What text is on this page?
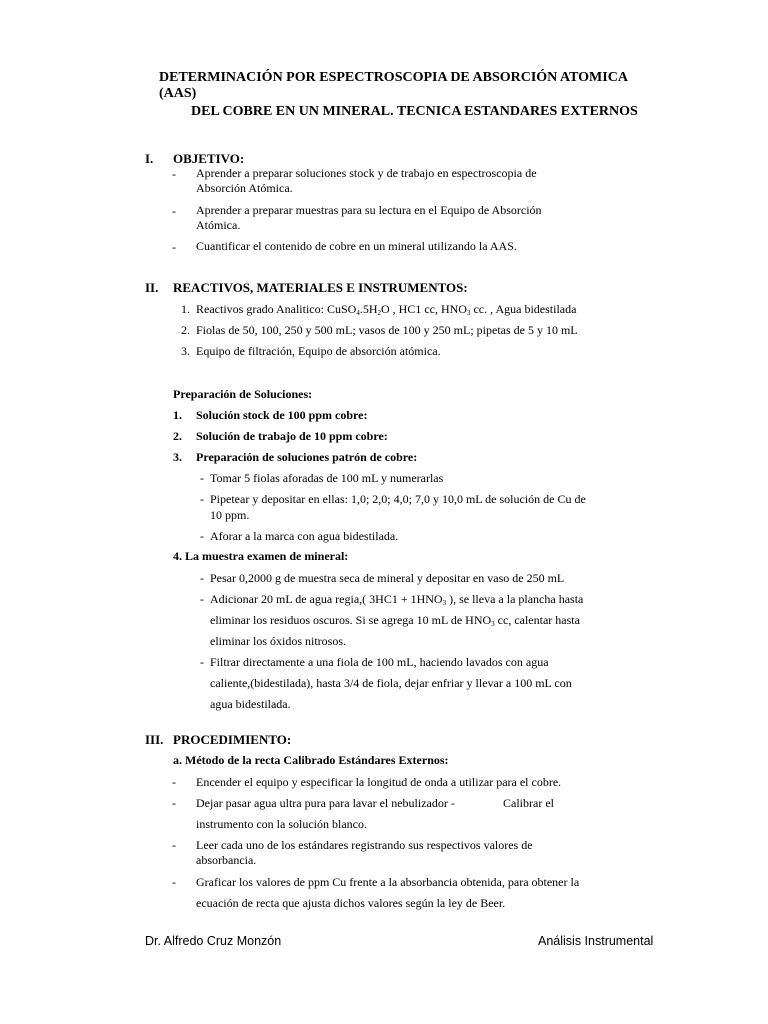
DETERMINACIÓN POR ESPECTROSCOPIA DE ABSORCIÓN ATOMICA
(AAS)
DEL COBRE EN UN MINERAL. TECNICA ESTANDARES EXTERNOS
I. OBJETIVO:
- Aprender a preparar soluciones stock y de trabajo en espectroscopia de
Absorción Atómica.
- Aprender a preparar muestras para su lectura en el Equipo de Absorción
Atómica.
- Cuantificar el contenido de cobre en un mineral utilizando la AAS.
II. REACTIVOS, MATERIALES E INSTRUMENTOS:
1. Reactivos grado Analitico: $CuSO_4.5H_2O$ , HC1 cc, $HNO_3$ cc. , Agua bidestilada
2. Fiolas de 50, 100, 250 y 500 mL; vasos de 100 y 250 mL; pipetas de 5 y 10 mL
3. Equipo de filtración, Equipo de absorción atómica.
Preparación de Soluciones:
1. Solución stock de 100 ppm cobre:
2. Solución de trabajo de 10 ppm cobre:
3. Preparación de soluciones patrón de cobre:
- Tomar 5 fiolas aforadas de 100 mL y numerarlas
- Pipetear y depositar en ellas: 1,0; 2,0; 4,0; 7,0 y 10,0 mL de solución de Cu de
10 ppm.
- Aforar a la marca con agua bidestilada.
4. La muestra examen de mineral:
- Pesar 0,2000 g de muestra seca de mineral y depositar en vaso de 250 mL
- Adicionar 20 mL de agua regia,( $3HC1 + 1HNO_3$ ), se lleva a la plancha hasta
eliminar los residuos oscuros. Si se agrega 10 mL de $HNO_3$ cc, calentar hasta
eliminar los óxidos nitrosos.
- Filtrar directamente a una fiola de 100 mL, haciendo lavados con agua
caliente,(bidestilada), hasta 3/4 de fiola, dejar enfriar y llevar a 100 mL con
agua bidestilada.
III. PROCEDIMIENTO:
a. Método de la recta Calibrado Estándares Externos:
- Encender el equipo y especificar la longitud de onda a utilizar para el cobre.
- Dejar pasar agua ultra pura para lavar el nebulizador -	Calibrar el
instrumento con la solución blanco.
- Leer cada uno de los estándares registrando sus respectivos valores de
absorbancia.
- Graficar los valores de ppm Cu frente a la absorbancia obtenida, para obtener la
ecuación de recta que ajusta dichos valores según la ley de Beer.
Dr. Alfredo Cruz Monzón	Análisis Instrumental
